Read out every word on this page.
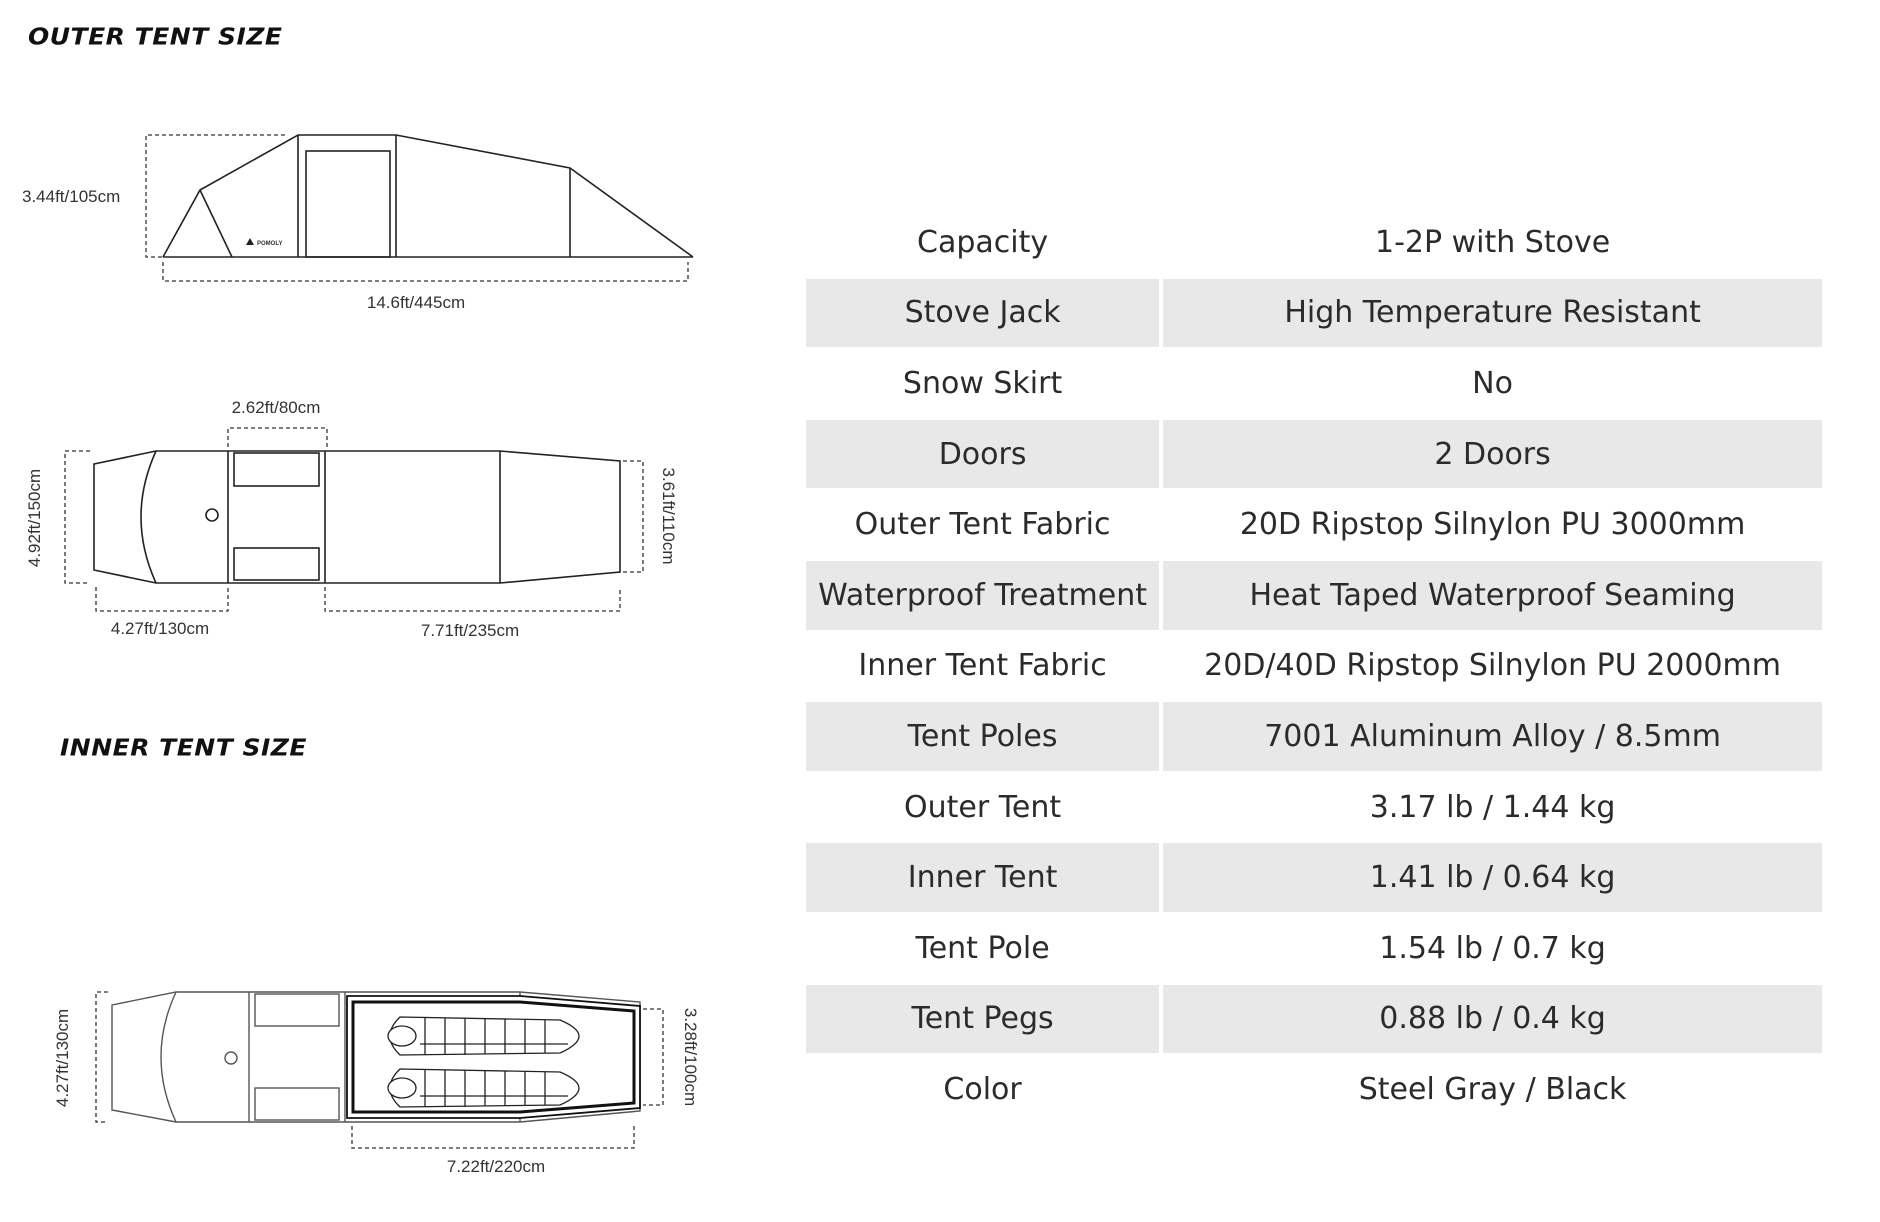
OUTER TENT SIZE
INNER TENT SIZE
POMOLY
3.44ft/105cm
14.6ft/445cm
4.92ft/150cm	3.61ft/110cm
2.62ft/80cm
4.27ft/130cm	7.71ft/235cm
4.27ft/130cm	3.28ft/100cm
7.22ft/220cm
Capacity	1-2P with Stove
Stove Jack	High Temperature Resistant
Snow Skirt	No
Doors	2 Doors
Outer Tent Fabric	20D Ripstop Silnylon PU 3000mm
Waterproof Treatment	Heat Taped Waterproof Seaming
Inner Tent Fabric	20D/40D Ripstop Silnylon PU 2000mm
Tent Poles	7001 Aluminum Alloy / 8.5mm
Outer Tent	3.17 lb / 1.44 kg
Inner Tent	1.41 lb / 0.64 kg
Tent Pole	1.54 lb / 0.7 kg
Tent Pegs	0.88 lb / 0.4 kg
Color	Steel Gray / Black
